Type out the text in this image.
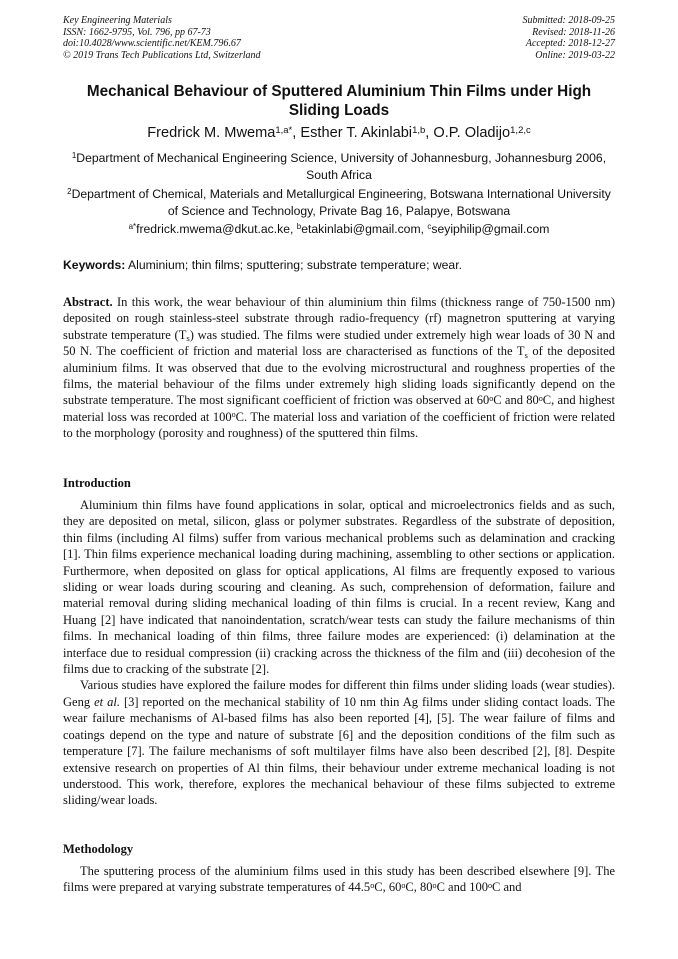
Key Engineering Materials
ISSN: 1662-9795, Vol. 796, pp 67-73
doi:10.4028/www.scientific.net/KEM.796.67
© 2019 Trans Tech Publications Ltd, Switzerland
Submitted: 2018-09-25
Revised: 2018-11-26
Accepted: 2018-12-27
Online: 2019-03-22
Mechanical Behaviour of Sputtered Aluminium Thin Films under High Sliding Loads
Fredrick M. Mwema$^{1,a*}$, Esther T. Akinlabi$^{1,b}$, O.P. Oladijo$^{1,2,c}$
$^1$Department of Mechanical Engineering Science, University of Johannesburg, Johannesburg 2006, South Africa
$^2$Department of Chemical, Materials and Metallurgical Engineering, Botswana International University of Science and Technology, Private Bag 16, Palapye, Botswana
$^{a*}$fredrick.mwema@dkut.ac.ke, $^b$etakinlabi@gmail.com, $^c$seyiphilip@gmail.com
Keywords: Aluminium; thin films; sputtering; substrate temperature; wear.
Abstract. In this work, the wear behaviour of thin aluminium thin films (thickness range of 750-1500 nm) deposited on rough stainless-steel substrate through radio-frequency (rf) magnetron sputtering at varying substrate temperature $(T_s)$ was studied. The films were studied under extremely high wear loads of 30 N and 50 N. The coefficient of friction and material loss are characterised as functions of the $T_s$ of the deposited aluminium films. It was observed that due to the evolving microstructural and roughness properties of the films, the material behaviour of the films under extremely high sliding loads significantly depend on the substrate temperature. The most significant coefficient of friction was observed at 60$^o$C and 80$^o$C, and highest material loss was recorded at 100$^o$C. The material loss and variation of the coefficient of friction were related to the morphology (porosity and roughness) of the sputtered thin films.
Introduction

Aluminium thin films have found applications in solar, optical and microelectronics fields and as such, they are deposited on metal, silicon, glass or polymer substrates. Regardless of the substrate of deposition, thin films (including Al films) suffer from various mechanical problems such as delamination and cracking [1]. Thin films experience mechanical loading during machining, assembling to other sections or application. Furthermore, when deposited on glass for optical applications, Al films are frequently exposed to various sliding or wear loads during scouring and cleaning. As such, comprehension of deformation, failure and material removal during sliding mechanical loading of thin films is crucial. In a recent review, Kang and Huang [2] have indicated that nanoindentation, scratch/wear tests can study the failure mechanisms of thin films. In mechanical loading of thin films, three failure modes are experienced: (i) delamination at the interface due to residual compression (ii) cracking across the thickness of the film and (iii) decohesion of the films due to cracking of the substrate [2].

Various studies have explored the failure modes for different thin films under sliding loads (wear studies). Geng et al. [3] reported on the mechanical stability of 10 nm thin Ag films under sliding contact loads. The wear failure mechanisms of Al-based films has also been reported [4], [5]. The wear failure of films and coatings depend on the type and nature of substrate [6] and the deposition conditions of the film such as temperature [7]. The failure mechanisms of soft multilayer films have also been described [2], [8]. Despite extensive research on properties of Al thin films, their behaviour under extreme mechanical loading is not understood. This work, therefore, explores the mechanical behaviour of these films subjected to extreme sliding/wear loads.

Methodology

The sputtering process of the aluminium films used in this study has been described elsewhere [9]. The films were prepared at varying substrate temperatures of 44.5$^o$C, 60$^o$C, 80$^o$C and 100$^o$C and
